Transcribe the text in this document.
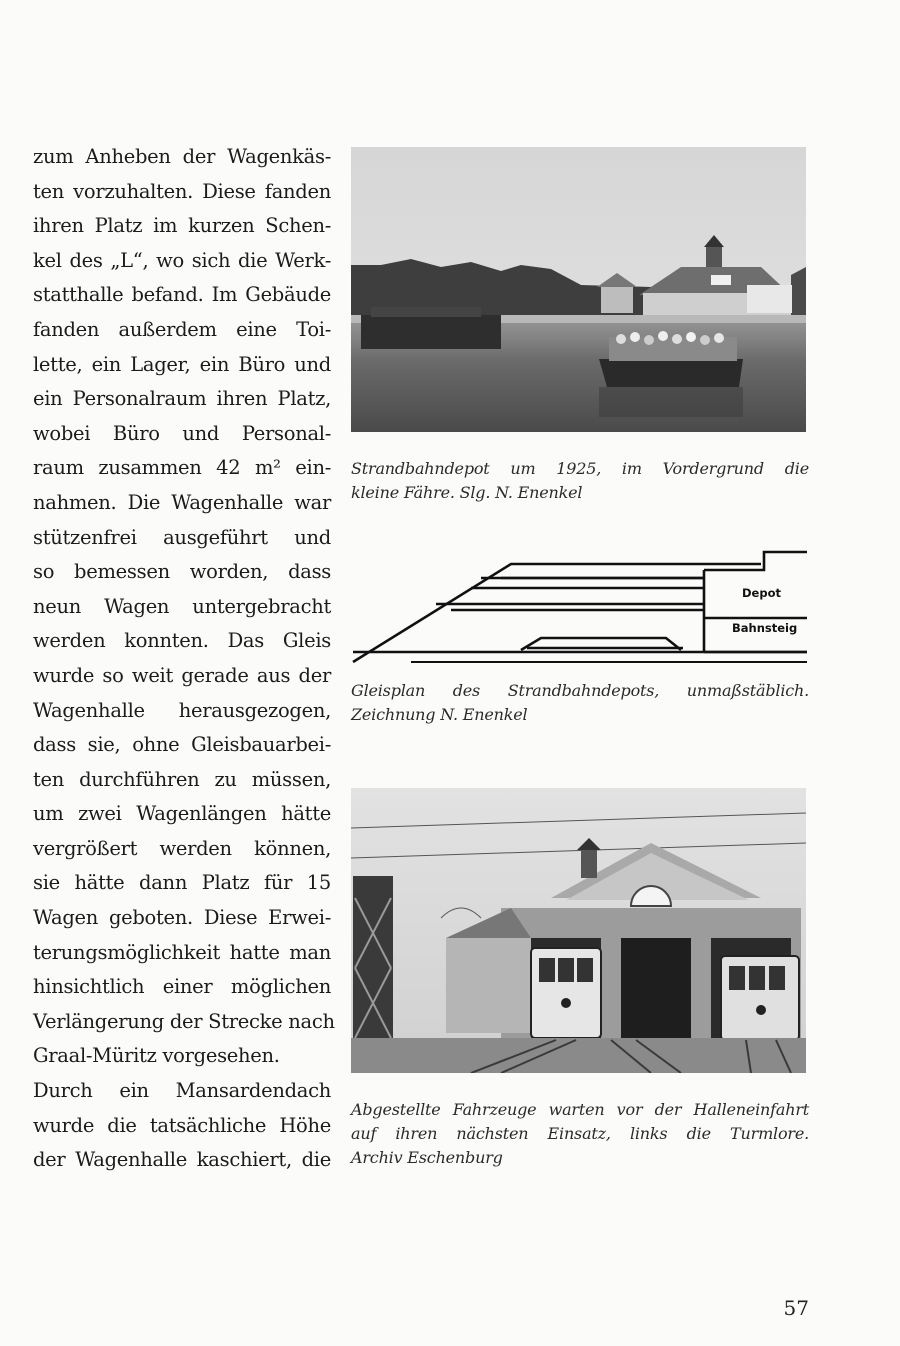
zum Anheben der Wagenkäs-
ten vorzuhalten. Diese fanden
ihren Platz im kurzen Schen-
kel des „L“, wo sich die Werk-
statthalle befand. Im Gebäude
fanden außerdem eine Toi-
lette, ein Lager, ein Büro und
ein Personalraum ihren Platz,
wobei Büro und Personal-
raum zusammen 42 m² ein-
nahmen. Die Wagenhalle war
stützenfrei ausgeführt und
so bemessen worden, dass
neun Wagen untergebracht
werden konnten. Das Gleis
wurde so weit gerade aus der
Wagenhalle herausgezogen,
dass sie, ohne Gleisbauarbei-
ten durchführen zu müssen,
um zwei Wagenlängen hätte
vergrößert werden können,
sie hätte dann Platz für 15
Wagen geboten. Diese Erwei-
terungsmöglichkeit hatte man
hinsichtlich einer möglichen
Verlängerung der Strecke nach
Graal-Müritz vorgesehen.
Durch ein Mansardendach
wurde die tatsächliche Höhe
der Wagenhalle kaschiert, die
Strandbahndepot um 1925, im Vordergrund die
kleine Fähre. Slg. N. Enenkel
Depot
Bahnsteig
Gleisplan des Strandbahndepots, unmaßstäblich.
Zeichnung N. Enenkel
Abgestellte Fahrzeuge warten vor der Halleneinfahrt
auf ihren nächsten Einsatz, links die Turmlore.
Archiv Eschenburg
57
